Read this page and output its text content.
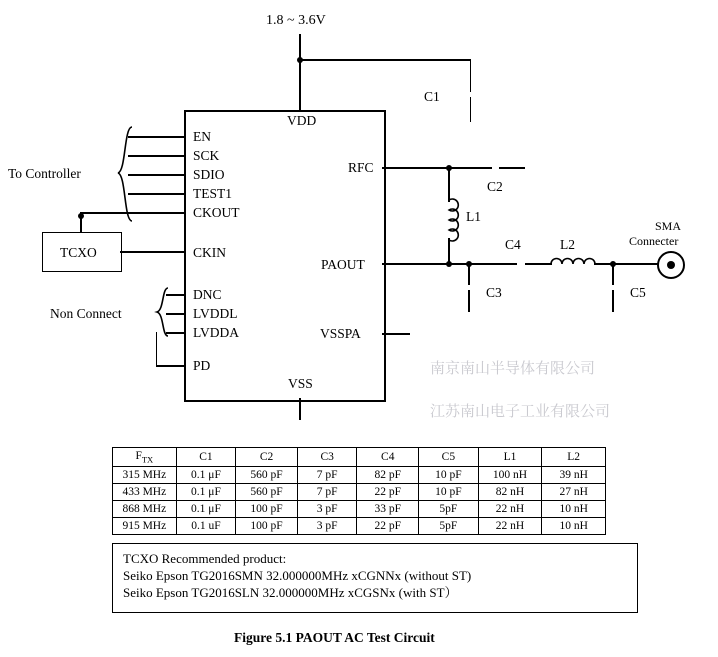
1.8 ~ 3.6V
C1
VDD
EN
SCK
SDIO
TEST1
CKOUT
CKIN
DNC
LVDDL
LVDDA
PD
RFC
PAOUT
VSSPA
VSS
To Controller
TCXO
Non Connect
C2
L1
C3
C4	L2
C5
SMA
Connecter
南京南山半导体有限公司
江苏南山电子工业有限公司
$F_{TX}$	C1	C2	C3	C4	C5	L1	L2
315 MHz	0.1 μF	560 pF	7 pF	82 pF	10 pF	100 nH	39 nH
433 MHz	0.1 μF	560 pF	7 pF	22 pF	10 pF	82 nH	27 nH
868 MHz	0.1 μF	100 pF	3 pF	33 pF	5pF	22 nH	10 nH
915 MHz	0.1 uF	100 pF	3 pF	22 pF	5pF	22 nH	10 nH
TCXO Recommended product:
Seiko Epson TG2016SMN 32.000000MHz xCGNNx (without ST)
Seiko Epson TG2016SLN 32.000000MHz xCGSNx (with ST）
Figure 5.1 PAOUT AC Test Circuit
